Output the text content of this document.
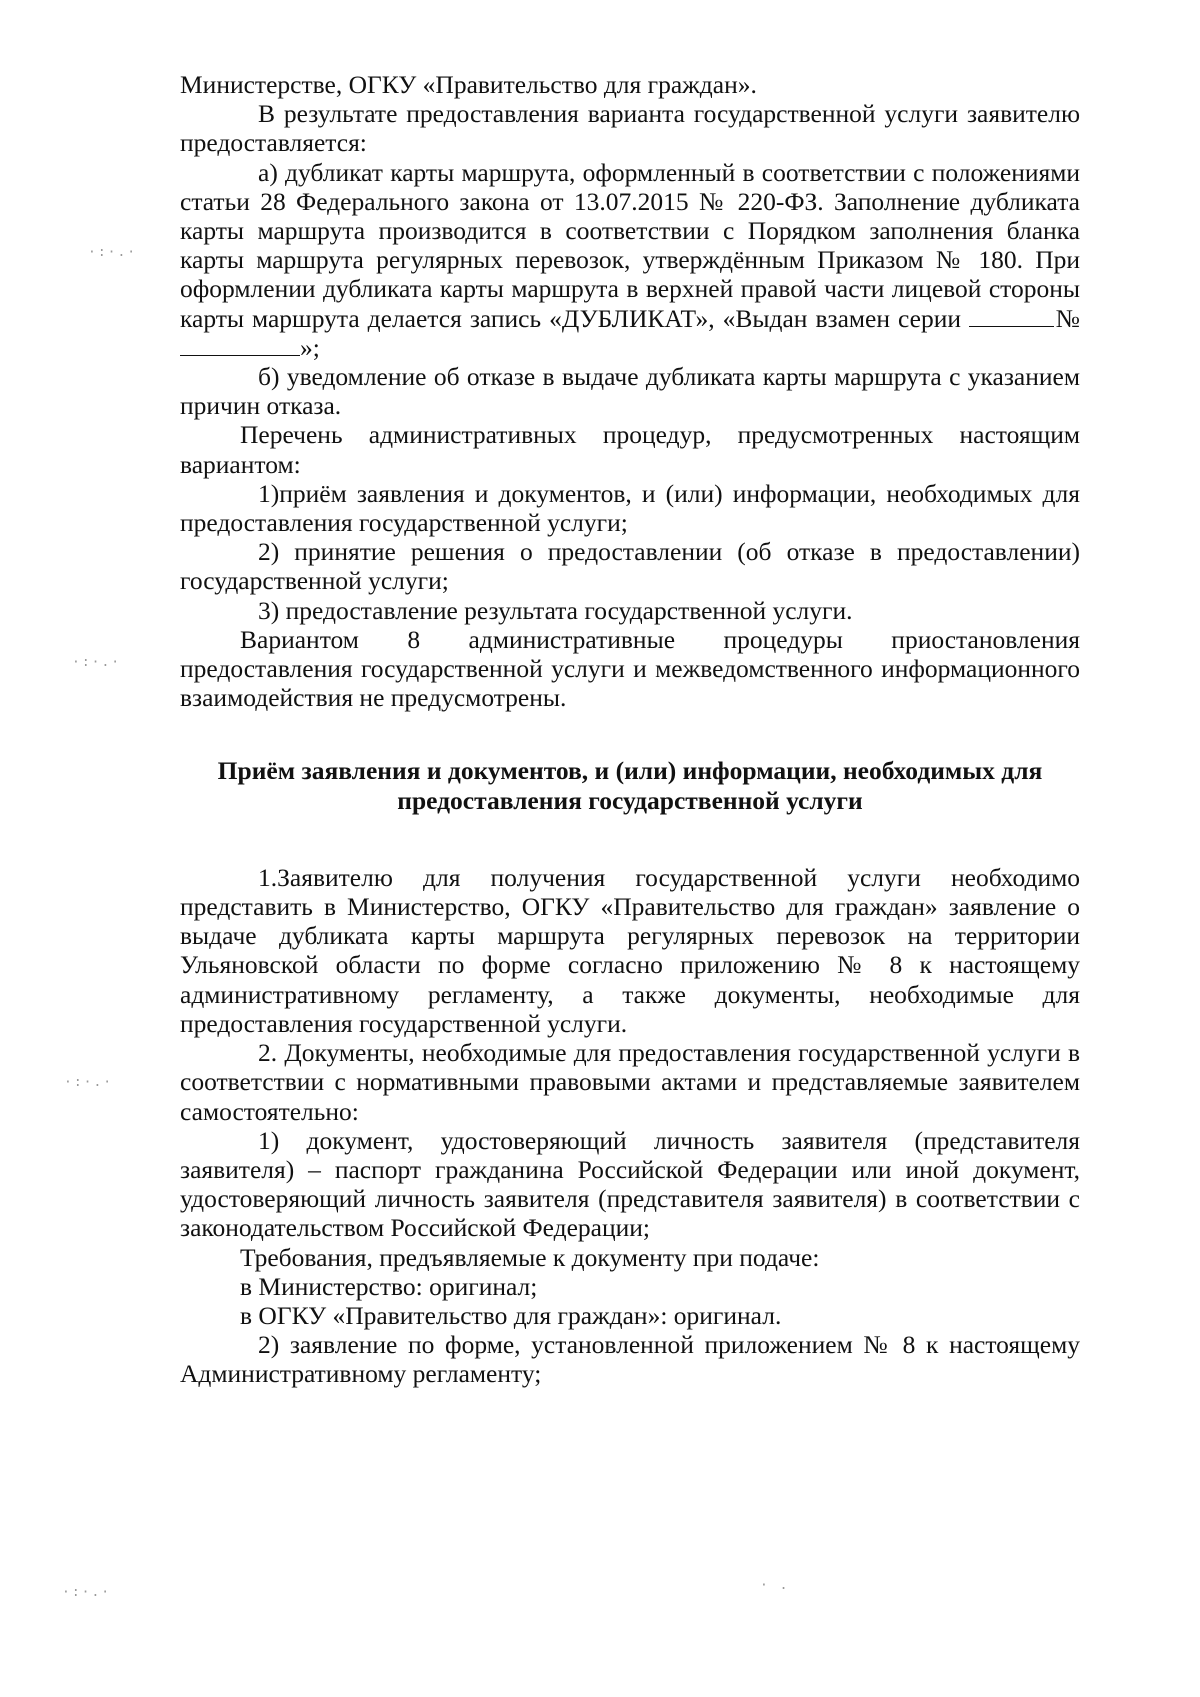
·:·.·
·:·.·
·:·.·
·:·.·	· .

Министерстве, ОГКУ «Правительство для граждан».

В результате предоставления варианта государственной услуги заявителю предоставляется:

а) дубликат карты маршрута, оформленный в соответствии с положениями статьи 28 Федерального закона от 13.07.2015 № 220-ФЗ. Заполнение дубликата карты маршрута производится в соответствии с Порядком заполнения бланка карты маршрута регулярных перевозок, утверждённым Приказом № 180. При оформлении дубликата карты маршрута в верхней правой части лицевой стороны карты маршрута делается запись «ДУБЛИКАТ», «Выдан взамен серии	№»;

б) уведомление об отказе в выдаче дубликата карты маршрута с указанием причин отказа.

Перечень административных процедур, предусмотренных настоящим вариантом:

1)приём заявления и документов, и (или) информации, необходимых для предоставления государственной услуги;

2) принятие решения о предоставлении (об отказе в предоставлении) государственной услуги;

3) предоставление результата государственной услуги.

Вариантом 8 административные процедуры приостановления предоставления государственной услуги и межведомственного информационного взаимодействия не предусмотрены.

Приём заявления и документов, и (или) информации, необходимых для предоставления государственной услуги

1.Заявителю для получения государственной услуги необходимо представить в Министерство, ОГКУ «Правительство для граждан» заявление о выдаче дубликата карты маршрута регулярных перевозок на территории Ульяновской области по форме согласно приложению № 8 к настоящему административному регламенту, а также документы, необходимые для предоставления государственной услуги.

2. Документы, необходимые для предоставления государственной услуги в соответствии с нормативными правовыми актами и представляемые заявителем самостоятельно:

1) документ, удостоверяющий личность заявителя (представителя заявителя) – паспорт гражданина Российской Федерации или иной документ, удостоверяющий личность заявителя (представителя заявителя) в соответствии с законодательством Российской Федерации;

Требования, предъявляемые к документу при подаче:

в Министерство: оригинал;

в ОГКУ «Правительство для граждан»: оригинал.

2) заявление по форме, установленной приложением № 8 к настоящему Административному регламенту;
